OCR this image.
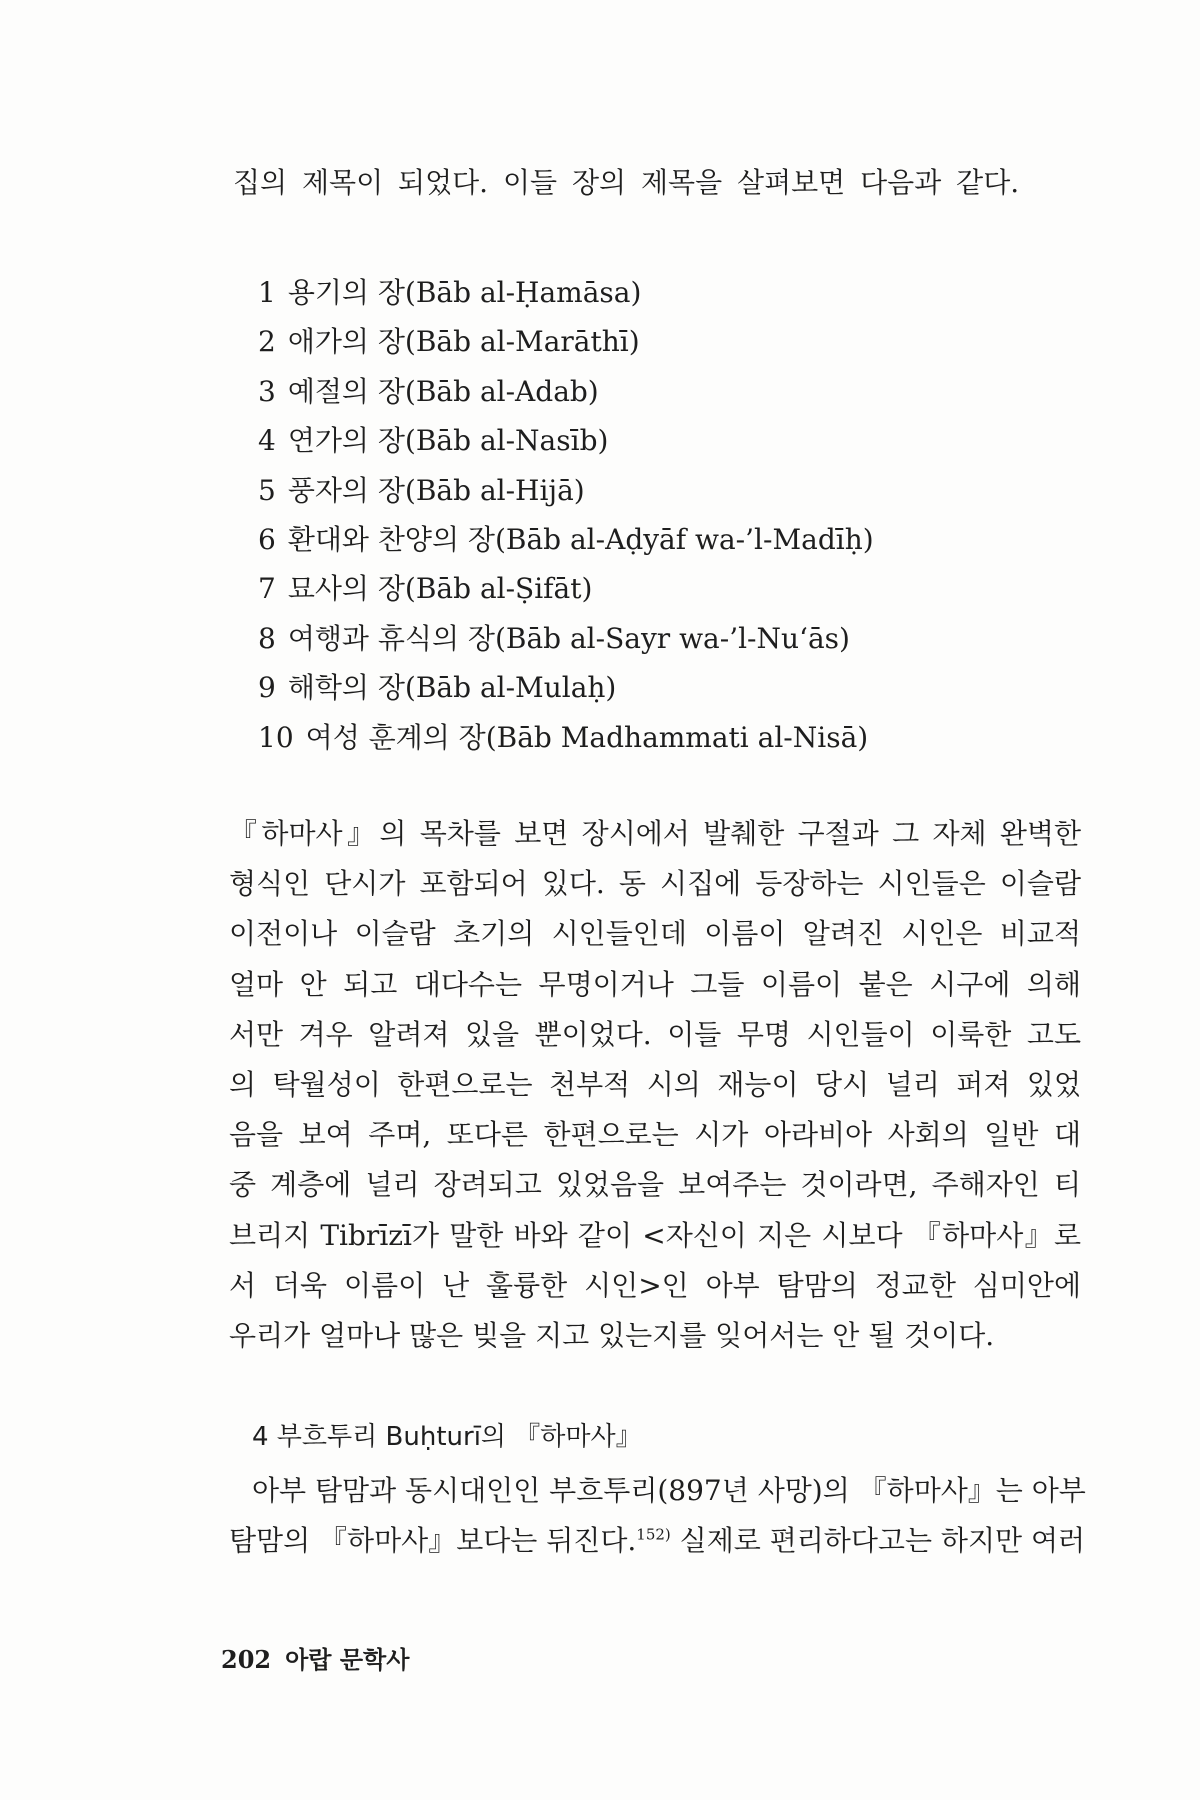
집의 제목이 되었다. 이들 장의 제목을 살펴보면 다음과 같다.
1 용기의 장(Bāb al-Ḥamāsa)
2 애가의 장(Bāb al-Marāthī)
3 예절의 장(Bāb al-Adab)
4 연가의 장(Bāb al-Nasīb)
5 풍자의 장(Bāb al-Hijā)
6 환대와 찬양의 장(Bāb al-Aḍyāf wa-’l-Madīḥ)
7 묘사의 장(Bāb al-Ṣifāt)
8 여행과 휴식의 장(Bāb al-Sayr wa-’l-Nu‘ās)
9 해학의 장(Bāb al-Mulaḥ)
10 여성 훈계의 장(Bāb Madhammati al-Nisā)
『하마사』의 목차를 보면 장시에서 발췌한 구절과 그 자체 완벽한
형식인 단시가 포함되어 있다. 동 시집에 등장하는 시인들은 이슬람
이전이나 이슬람 초기의 시인들인데 이름이 알려진 시인은 비교적
얼마 안 되고 대다수는 무명이거나 그들 이름이 붙은 시구에 의해
서만 겨우 알려져 있을 뿐이었다. 이들 무명 시인들이 이룩한 고도
의 탁월성이 한편으로는 천부적 시의 재능이 당시 널리 퍼져 있었
음을 보여 주며, 또다른 한편으로는 시가 아라비아 사회의 일반 대
중 계층에 널리 장려되고 있었음을 보여주는 것이라면, 주해자인 티
브리지 Tibrīzī가 말한 바와 같이 <자신이 지은 시보다 『하마사』로
서 더욱 이름이 난 훌륭한 시인>인 아부 탐맘의 정교한 심미안에
우리가 얼마나 많은 빚을 지고 있는지를 잊어서는 안 될 것이다.
4 부흐투리 Buḥturī의 『하마사』
아부 탐맘과 동시대인인 부흐투리(897년 사망)의 『하마사』는 아부
탐맘의 『하마사』보다는 뒤진다.$^{152)}$ 실제로 편리하다고는 하지만 여러
202 아랍 문학사
